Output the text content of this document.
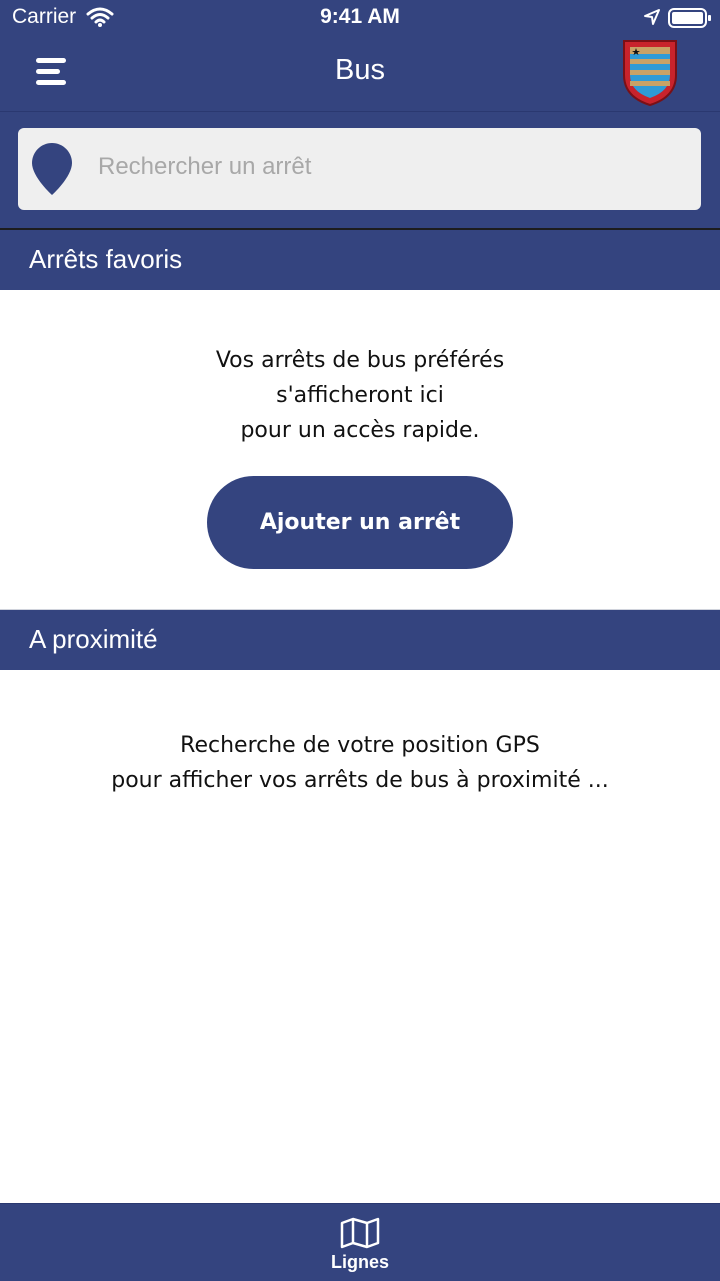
Carrier	9:41 AM
Bus
Rechercher un arrêt
Arrêts favoris
Vos arrêts de bus préférés
s'afficheront ici
pour un accès rapide.
Ajouter un arrêt
A proximité
Recherche de votre position GPS
pour afficher vos arrêts de bus à proximité ...
Lignes
